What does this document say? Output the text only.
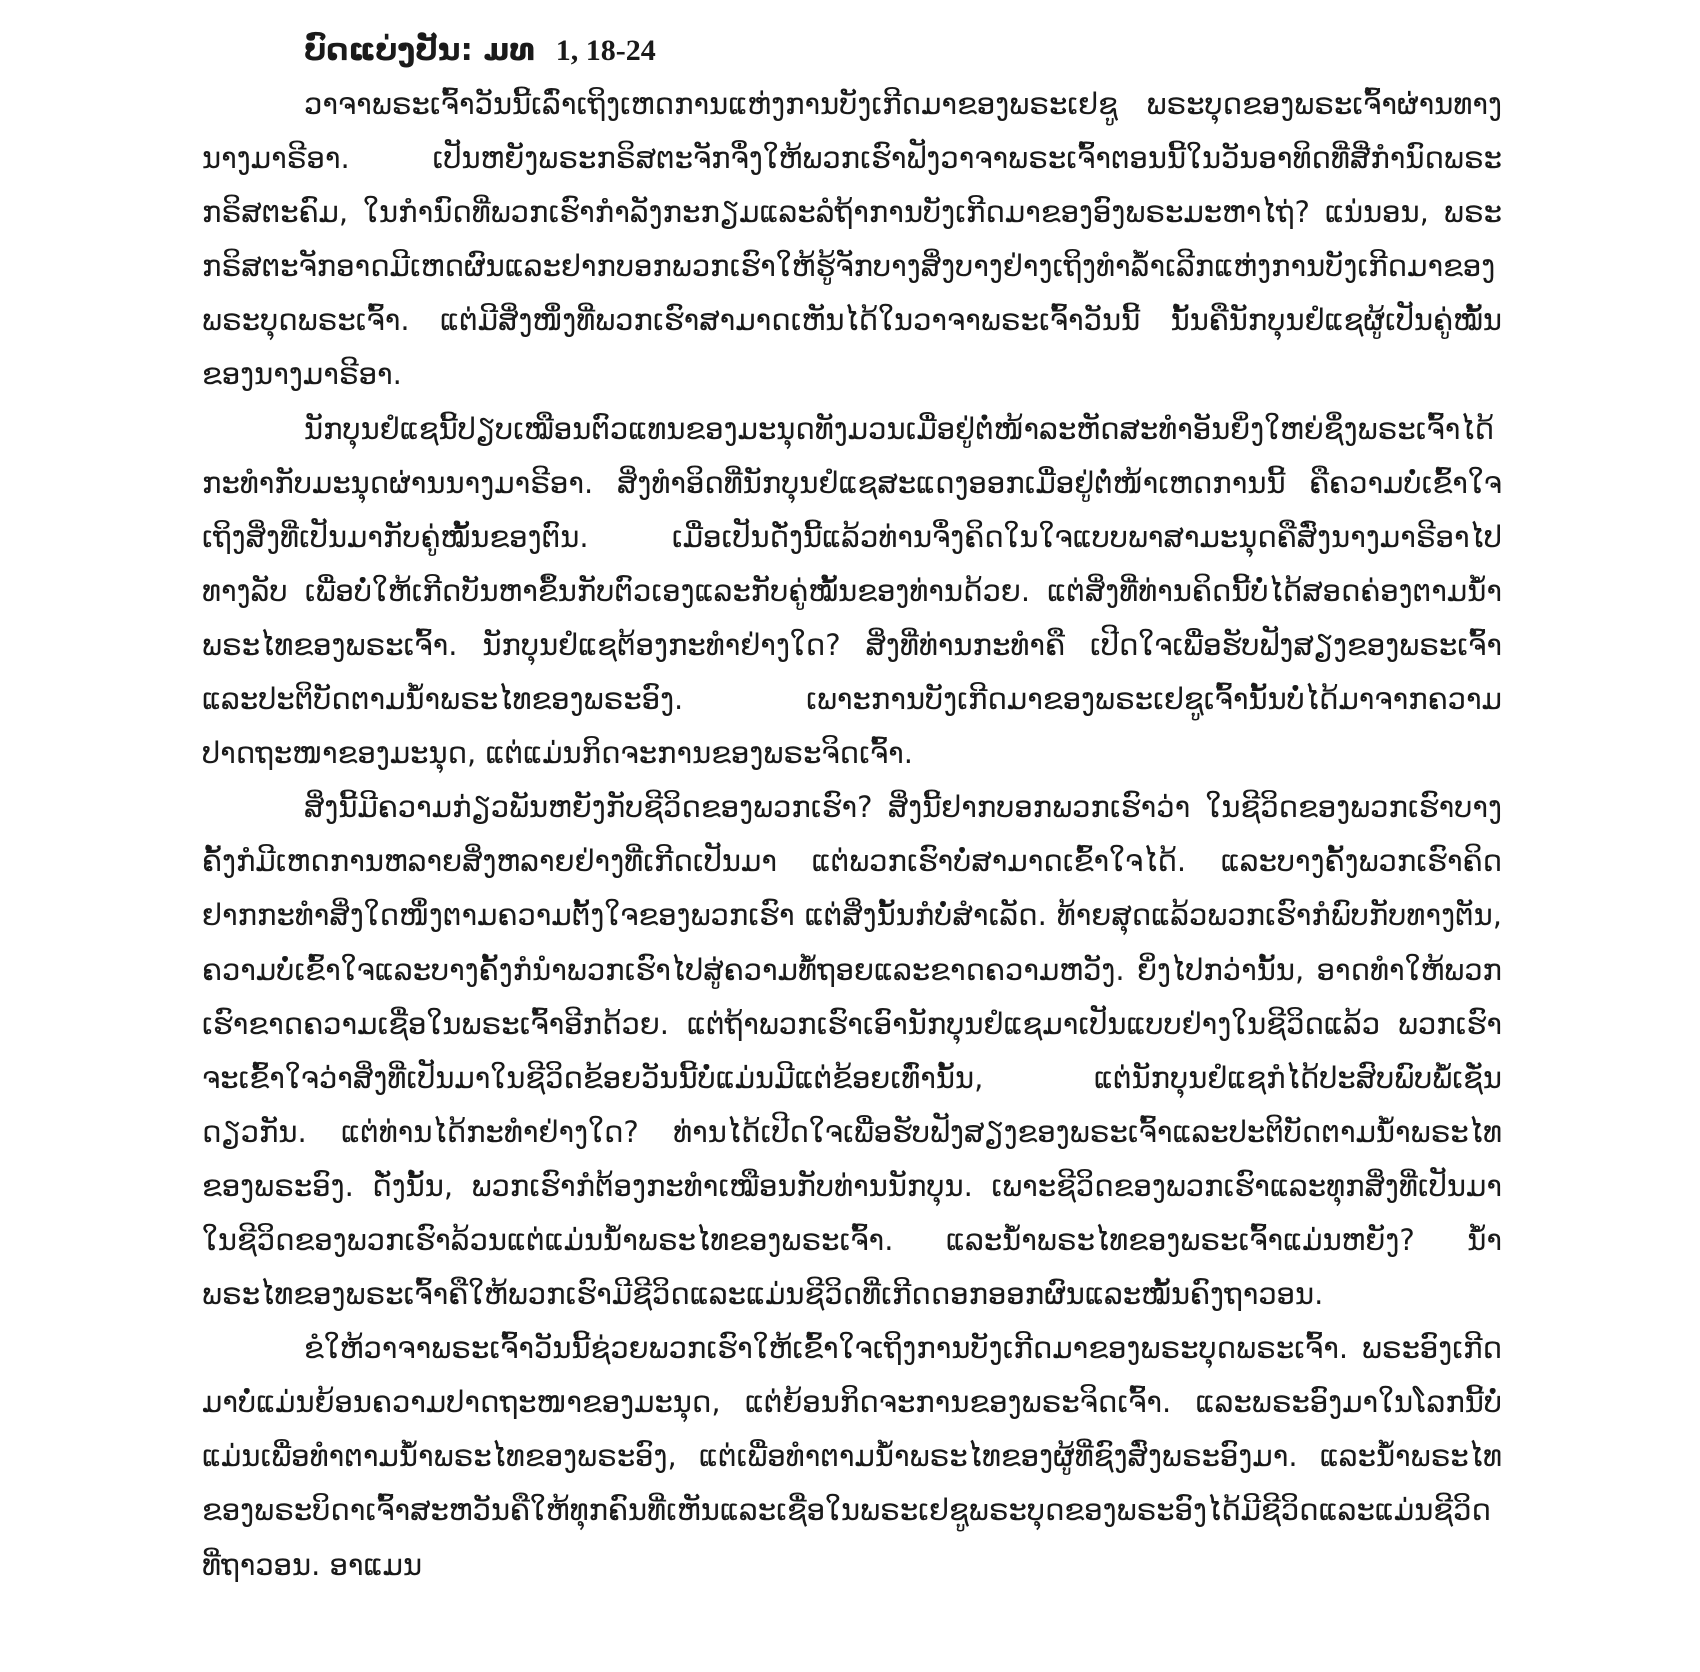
ບົດແບ່ງປັນ: ມທ 1, 18-24

ວາຈາພຣະເຈົ້າວັນນີ້ເລົ່າເຖິງເຫດການແຫ່ງການບັງເກີດມາຂອງພຣະເຢຊູ ພຣະບຸດຂອງພຣະເຈົ້າຜ່ານທາງນາງມາຣີອາ. ເປັນຫຍັງພຣະກຣິສຕະຈັກຈຶ່ງໃຫ້ພວກເຮົາຟັງວາຈາພຣະເຈົ້າຕອນນີ້ໃນວັນອາທິດທີ່ສີ່ກຳນົດພຣະກຣິສຕະຄົມ, ໃນກຳນົດທີ່ພວກເຮົາກຳລັງກະກຽມແລະລໍຖ້າການບັງເກີດມາຂອງອົງພຣະມະຫາໄຖ່? ແນ່ນອນ, ພຣະກຣິສຕະຈັກອາດມີເຫດຜົນແລະຢາກບອກພວກເຮົາໃຫ້ຮູ້ຈັກບາງສິ່ງບາງຢ່າງເຖິງທຳລໍ້າເລີກແຫ່ງການບັງເກີດມາຂອງພຣະບຸດພຣະເຈົ້າ. ແຕ່ມີສິ່ງໜຶ່ງທີ່ພວກເຮົາສາມາດເຫັນໄດ້ໃນວາຈາພຣະເຈົ້າວັນນີ້ ນັ້ນຄືນັກບຸນຢໍແຊຜູ້ເປັນຄູ່ໝັ້ນຂອງນາງມາຣີອາ.

ນັກບຸນຢໍແຊນີ້ປຽບເໝືອນຕົວແທນຂອງມະນຸດທັງມວນເມື່ອຢູ່ຕໍ່ໜ້າລະຫັດສະທຳອັນຍິ່ງໃຫຍ່ຊຶ່ງພຣະເຈົ້າໄດ້ກະທຳກັບມະນຸດຜ່ານນາງມາຣີອາ. ສິ່ງທຳອິດທີ່ນັກບຸນຢໍແຊສະແດງອອກເມື່ອຢູ່ຕໍ່ໜ້າເຫດການນີ້ ຄືຄວາມບໍ່ເຂົ້າໃຈເຖິງສິ່ງທີ່ເປັນມາກັບຄູ່ໝັ້ນຂອງຕົນ. ເມື່ອເປັນດັ່ງນີ້ແລ້ວທ່ານຈຶ່ງຄິດໃນໃຈແບບພາສາມະນຸດຄືສົ່ງນາງມາຣີອາໄປທາງລັບ ເພື່ອບໍ່ໃຫ້ເກີດບັນຫາຂຶ້ນກັບຕົວເອງແລະກັບຄູ່ໝັ້ນຂອງທ່ານດ້ວຍ. ແຕ່ສິ່ງທີ່ທ່ານຄິດນີ້ບໍ່ໄດ້ສອດຄ່ອງຕາມນໍ້າພຣະໄທຂອງພຣະເຈົ້າ. ນັກບຸນຢໍແຊຕ້ອງກະທຳຢ່າງໃດ? ສິ່ງທີ່ທ່ານກະທຳຄື ເປີດໃຈເພື່ອຮັບຟັງສຽງຂອງພຣະເຈົ້າແລະປະຕິບັດຕາມນໍ້າພຣະໄທຂອງພຣະອົງ. ເພາະການບັງເກີດມາຂອງພຣະເຢຊູເຈົ້ານັ້ນບໍ່ໄດ້ມາຈາກຄວາມປາດຖະໜາຂອງມະນຸດ, ແຕ່ແມ່ນກິດຈະການຂອງພຣະຈິດເຈົ້າ.

ສິ່ງນີ້ມີຄວາມກ່ຽວພັນຫຍັງກັບຊີວິດຂອງພວກເຮົາ? ສິ່ງນີ້ຢາກບອກພວກເຮົາວ່າ ໃນຊີວິດຂອງພວກເຮົາບາງຄັ້ງກໍມີເຫດການຫລາຍສິ່ງຫລາຍຢ່າງທີ່ເກີດເປັນມາ ແຕ່ພວກເຮົາບໍ່ສາມາດເຂົ້າໃຈໄດ້. ແລະບາງຄັ້ງພວກເຮົາຄິດຢາກກະທຳສິ່ງໃດໜຶ່ງຕາມຄວາມຕັ້ງໃຈຂອງພວກເຮົາ ແຕ່ສິ່ງນັ້ນກໍບໍ່ສຳເລັດ. ທ້າຍສຸດແລ້ວພວກເຮົາກໍພົບກັບທາງຕັນ, ຄວາມບໍ່ເຂົ້າໃຈແລະບາງຄັ້ງກໍນຳພວກເຮົາໄປສູ່ຄວາມທໍ້ຖອຍແລະຂາດຄວາມຫວັງ. ຍິ່ງໄປກວ່ານັ້ນ, ອາດທຳໃຫ້ພວກເຮົາຂາດຄວາມເຊື່ອໃນພຣະເຈົ້າອີກດ້ວຍ. ແຕ່ຖ້າພວກເຮົາເອົານັກບຸນຢໍແຊມາເປັນແບບຢ່າງໃນຊີວິດແລ້ວ ພວກເຮົາຈະເຂົ້າໃຈວ່າສິ່ງທີ່ເປັນມາໃນຊີວິດຂ້ອຍວັນນີ້ບໍ່ແມ່ນມີແຕ່ຂ້ອຍເທົ່ານັ້ນ, ແຕ່ນັກບຸນຢໍແຊກໍໄດ້ປະສົບພົບພໍ້ເຊັ່ນດຽວກັນ. ແຕ່ທ່ານໄດ້ກະທຳຢ່າງໃດ? ທ່ານໄດ້ເປີດໃຈເພື່ອຮັບຟັງສຽງຂອງພຣະເຈົ້າແລະປະຕິບັດຕາມນໍ້າພຣະໄທຂອງພຣະອົງ. ດັ່ງນັ້ນ, ພວກເຮົາກໍຕ້ອງກະທຳເໝືອນກັບທ່ານນັກບຸນ. ເພາະຊີວິດຂອງພວກເຮົາແລະທຸກສິ່ງທີ່ເປັນມາໃນຊີວິດຂອງພວກເຮົາລ້ວນແຕ່ແມ່ນນໍ້າພຣະໄທຂອງພຣະເຈົ້າ. ແລະນໍ້າພຣະໄທຂອງພຣະເຈົ້າແມ່ນຫຍັງ? ນໍ້າພຣະໄທຂອງພຣະເຈົ້າຄືໃຫ້ພວກເຮົາມີຊີວິດແລະແມ່ນຊີວິດທີ່ເກີດດອກອອກຜົນແລະໝັ້ນຄົງຖາວອນ.

ຂໍໃຫ້ວາຈາພຣະເຈົ້າວັນນີ້ຊ່ວຍພວກເຮົາໃຫ້ເຂົ້າໃຈເຖິງການບັງເກີດມາຂອງພຣະບຸດພຣະເຈົ້າ. ພຣະອົງເກີດມາບໍ່ແມ່ນຍ້ອນຄວາມປາດຖະໜາຂອງມະນຸດ, ແຕ່ຍ້ອນກິດຈະການຂອງພຣະຈິດເຈົ້າ. ແລະພຣະອົງມາໃນໂລກນີ້ບໍ່ແມ່ນເພື່ອທຳຕາມນໍ້າພຣະໄທຂອງພຣະອົງ, ແຕ່ເພື່ອທຳຕາມນໍ້າພຣະໄທຂອງຜູ້ທີ່ຊົງສົ່ງພຣະອົງມາ. ແລະນໍ້າພຣະໄທຂອງພຣະບິດາເຈົ້າສະຫວັນຄືໃຫ້ທຸກຄົນທີ່ເຫັນແລະເຊື່ອໃນພຣະເຢຊູພຣະບຸດຂອງພຣະອົງໄດ້ມີຊີວິດແລະແມ່ນຊີວິດທີ່ຖາວອນ. ອາແມນ
